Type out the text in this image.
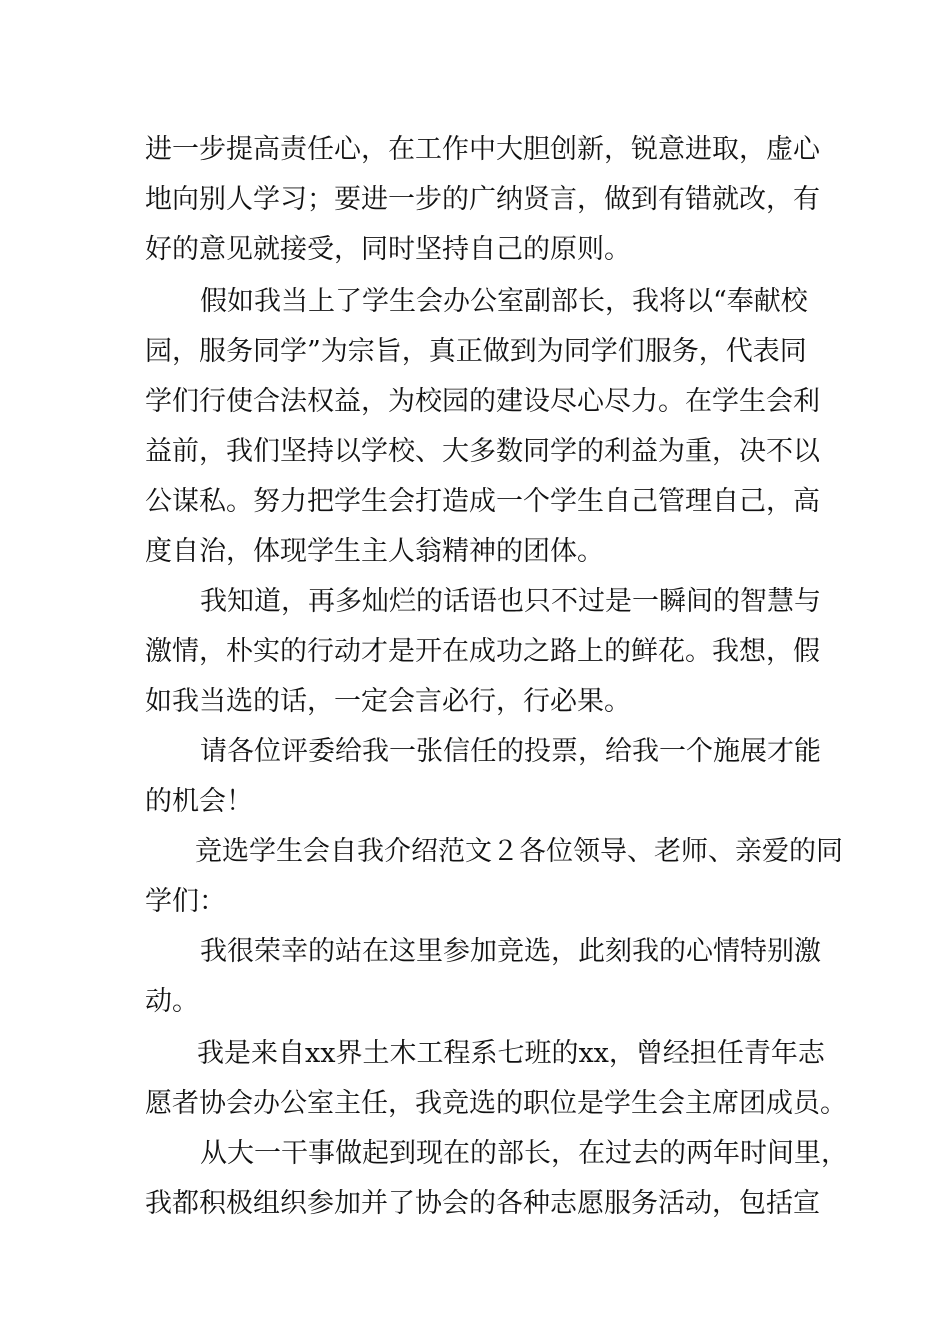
进一步提高责任心，在工作中大胆创新，锐意进取，虚心
地向别人学习；要进一步的广纳贤言，做到有错就改，有
好的意见就接受，同时坚持自己的原则。
假如我当上了学生会办公室副部长，我将以“奉献校
园，服务同学”为宗旨，真正做到为同学们服务，代表同
学们行使合法权益，为校园的建设尽心尽力。在学生会利
益前，我们坚持以学校、大多数同学的利益为重，决不以
公谋私。努力把学生会打造成一个学生自己管理自己，高
度自治，体现学生主人翁精神的团体。
我知道，再多灿烂的话语也只不过是一瞬间的智慧与
激情，朴实的行动才是开在成功之路上的鲜花。我想，假
如我当选的话，一定会言必行，行必果。
请各位评委给我一张信任的投票，给我一个施展才能
的机会！
竞选学生会自我介绍范文２各位领导、老师、亲爱的同
学们：
我很荣幸的站在这里参加竞选，此刻我的心情特别激
动。
我是来自xx界土木工程系七班的xx，曾经担任青年志
愿者协会办公室主任，我竞选的职位是学生会主席团成员。
从大一干事做起到现在的部长，在过去的两年时间里，
我都积极组织参加并了协会的各种志愿服务活动，包括宣
